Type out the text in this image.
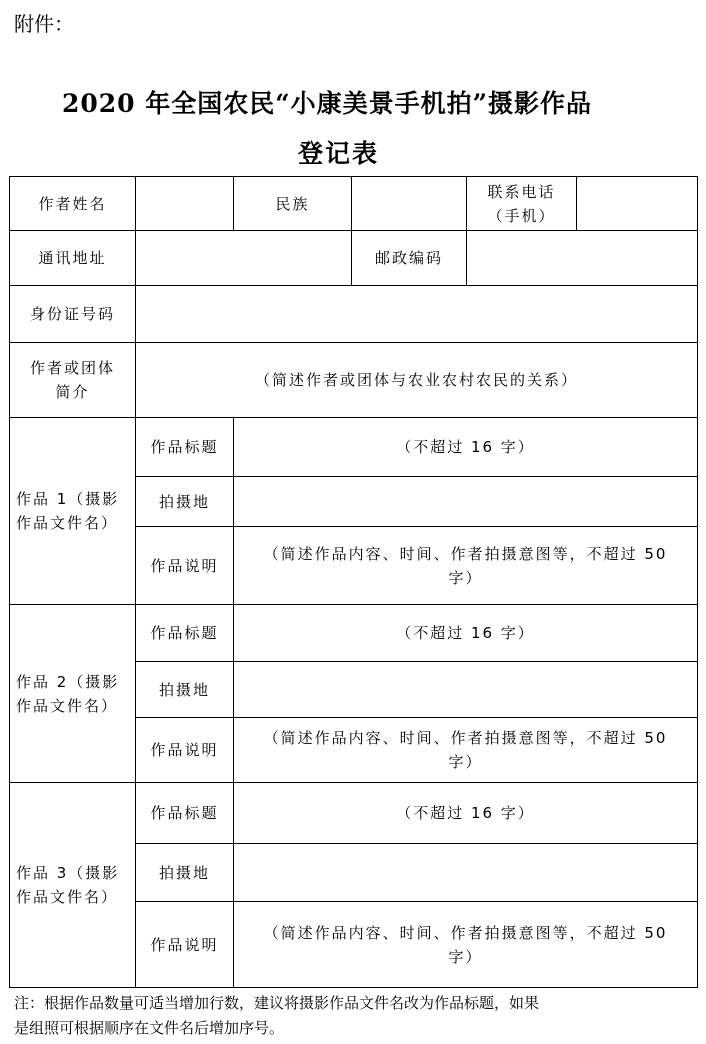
附件：
2020 年全国农民“小康美景手机拍”摄影作品
登记表
作者姓名		民族		联系电话
（手机）	

通讯地址			邮政编码		
身份证号码					

作者或团体
简介	（简述作者或团体与农业农村农民的关系）				

作品 1（摄影
作品文件名）	作品标题	（不超过 16 字）			
	拍摄地				
	作品说明	（简述作品内容、时间、作者拍摄意图等，不超过 50
字）			

作品 2（摄影
作品文件名）	作品标题	（不超过 16 字）			
	拍摄地				
	作品说明	（简述作品内容、时间、作者拍摄意图等，不超过 50
字）			

作品 3（摄影
作品文件名）	作品标题	（不超过 16 字）			
	拍摄地				
	作品说明	（简述作品内容、时间、作者拍摄意图等，不超过 50
字）			
注：根据作品数量可适当增加行数，建议将摄影作品文件名改为作品标题，如果
是组照可根据顺序在文件名后增加序号。
